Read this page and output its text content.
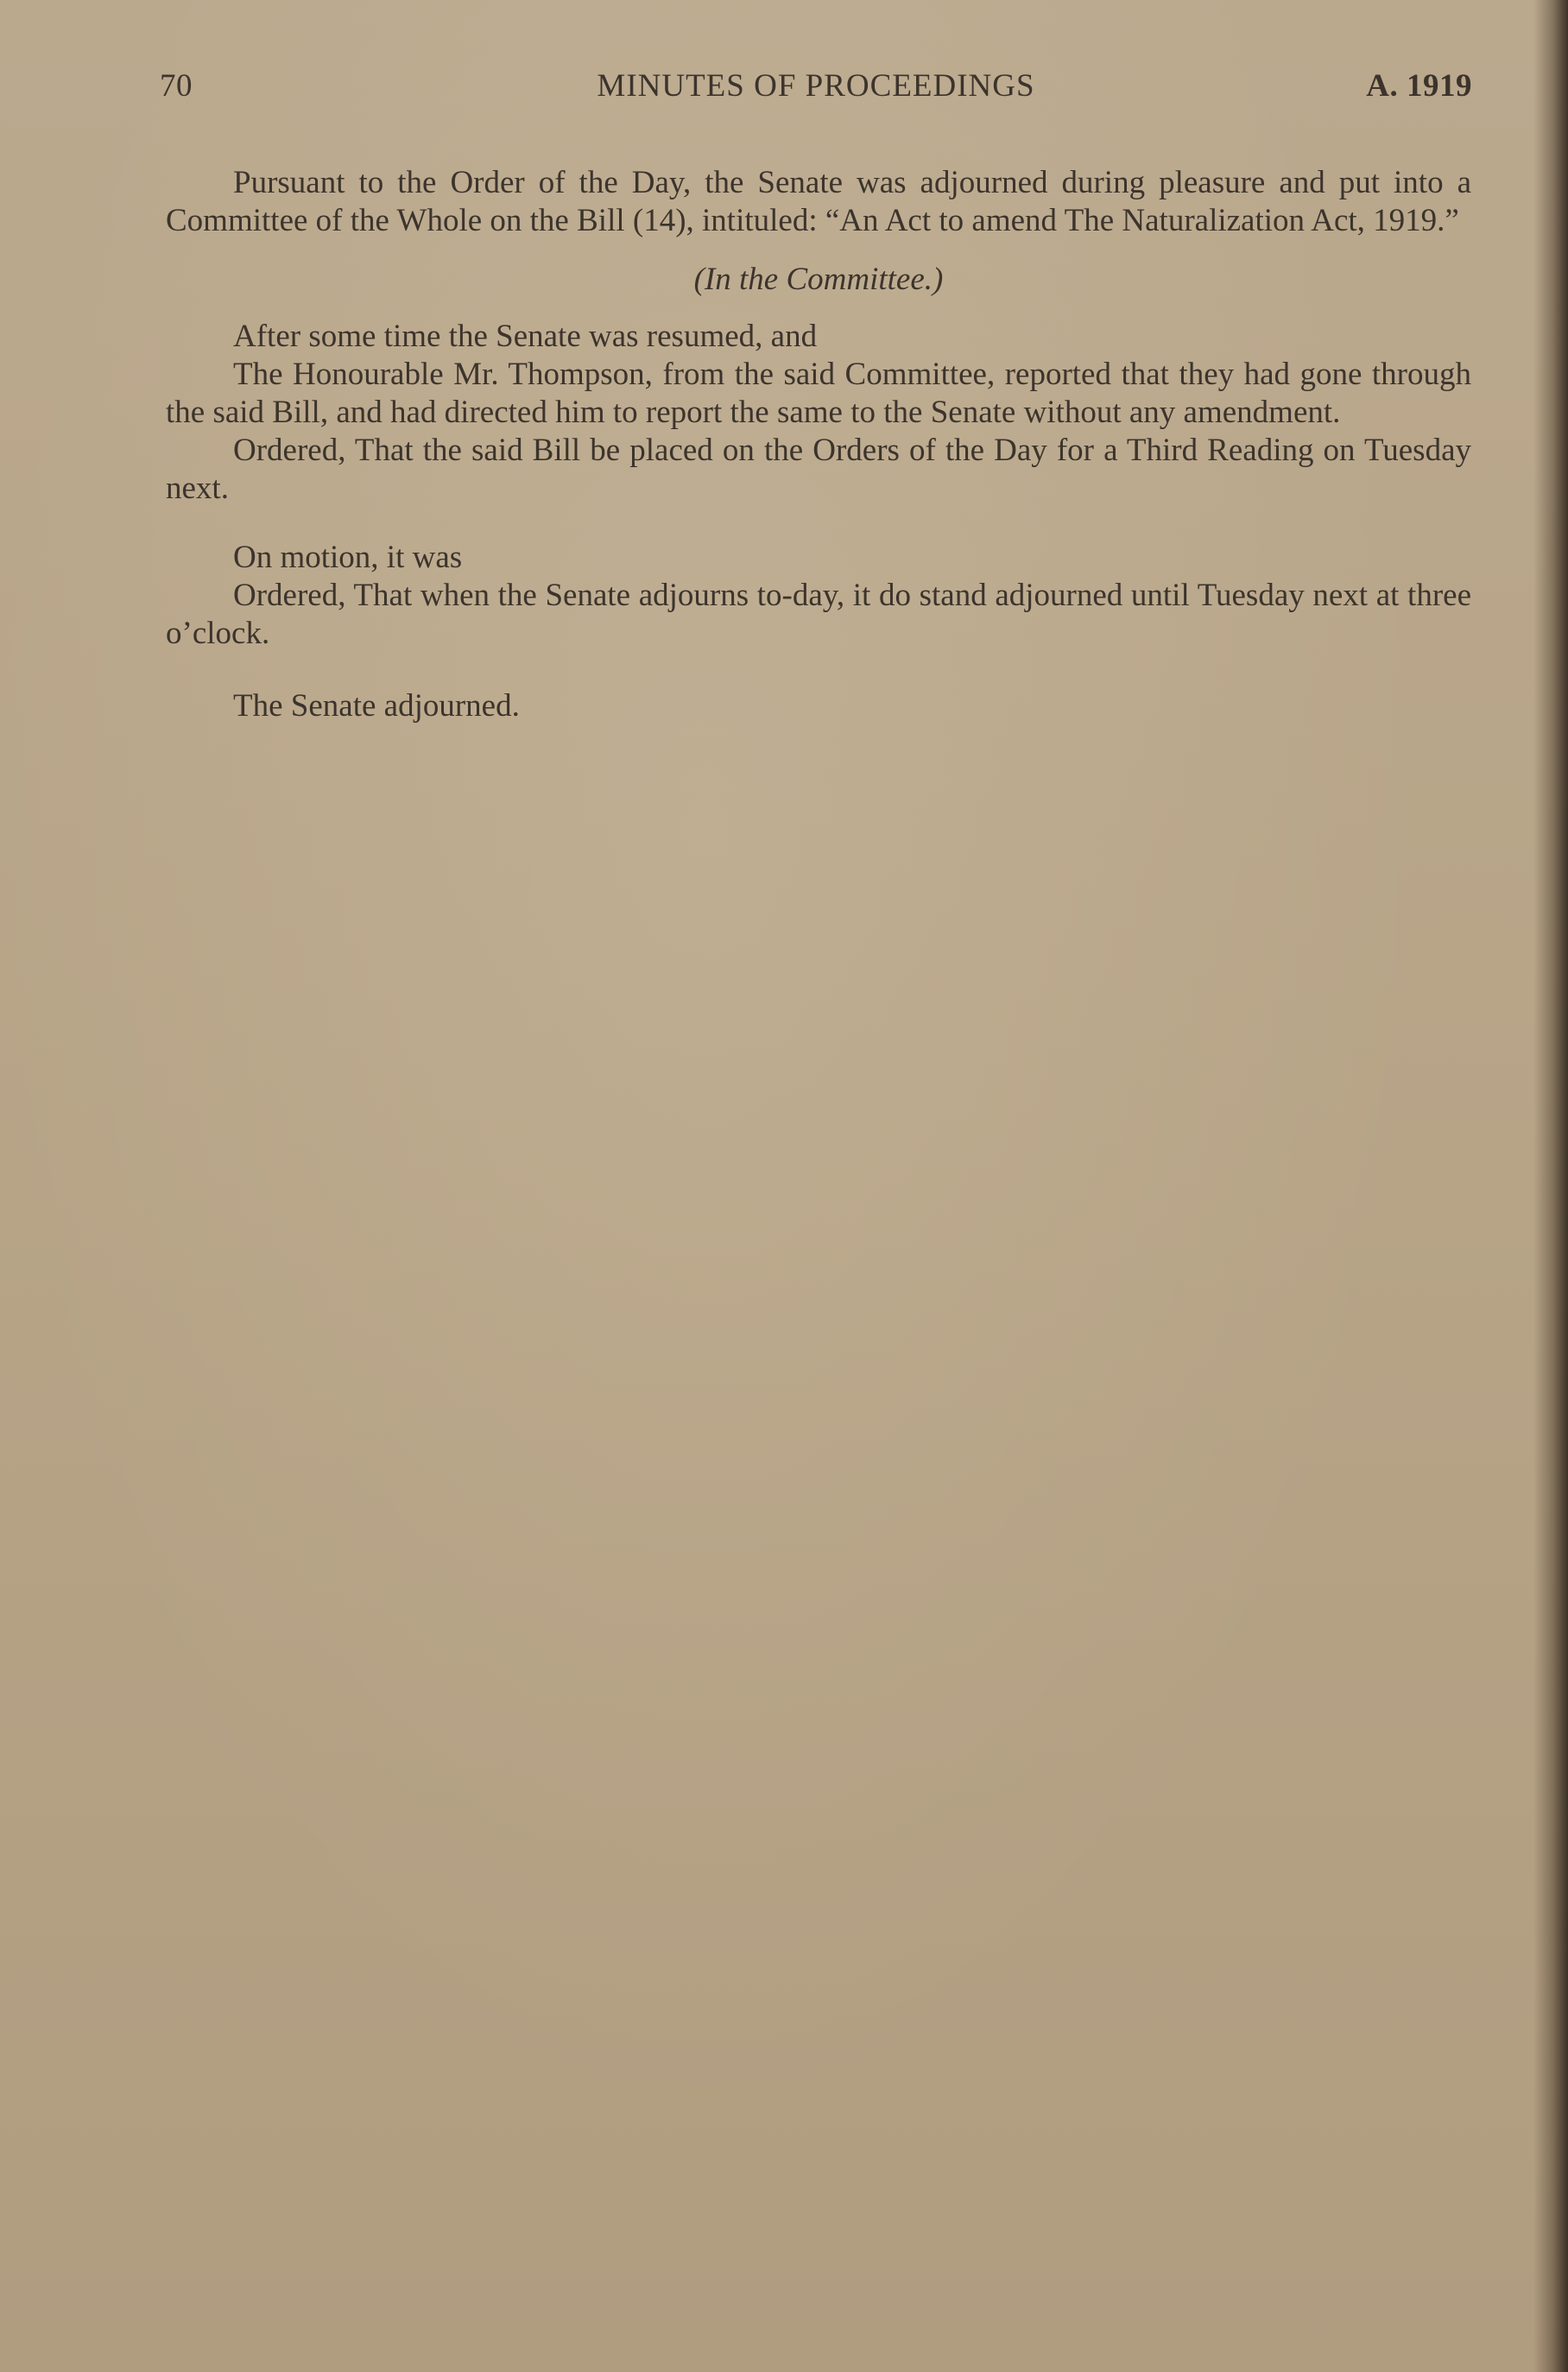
70	MINUTES OF PROCEEDINGS	A. 1919

Pursuant to the Order of the Day, the Senate was adjourned during pleasure and put into a Committee of the Whole on the Bill (14), intituled: “An Act to amend The Naturalization Act, 1919.”

(In the Committee.)

After some time the Senate was resumed, and

The Honourable Mr. Thompson, from the said Committee, reported that they had gone through the said Bill, and had directed him to report the same to the Senate without any amendment.

Ordered, That the said Bill be placed on the Orders of the Day for a Third Reading on Tuesday next.

On motion, it was

Ordered, That when the Senate adjourns to-day, it do stand adjourned until Tuesday next at three o’clock.

The Senate adjourned.
